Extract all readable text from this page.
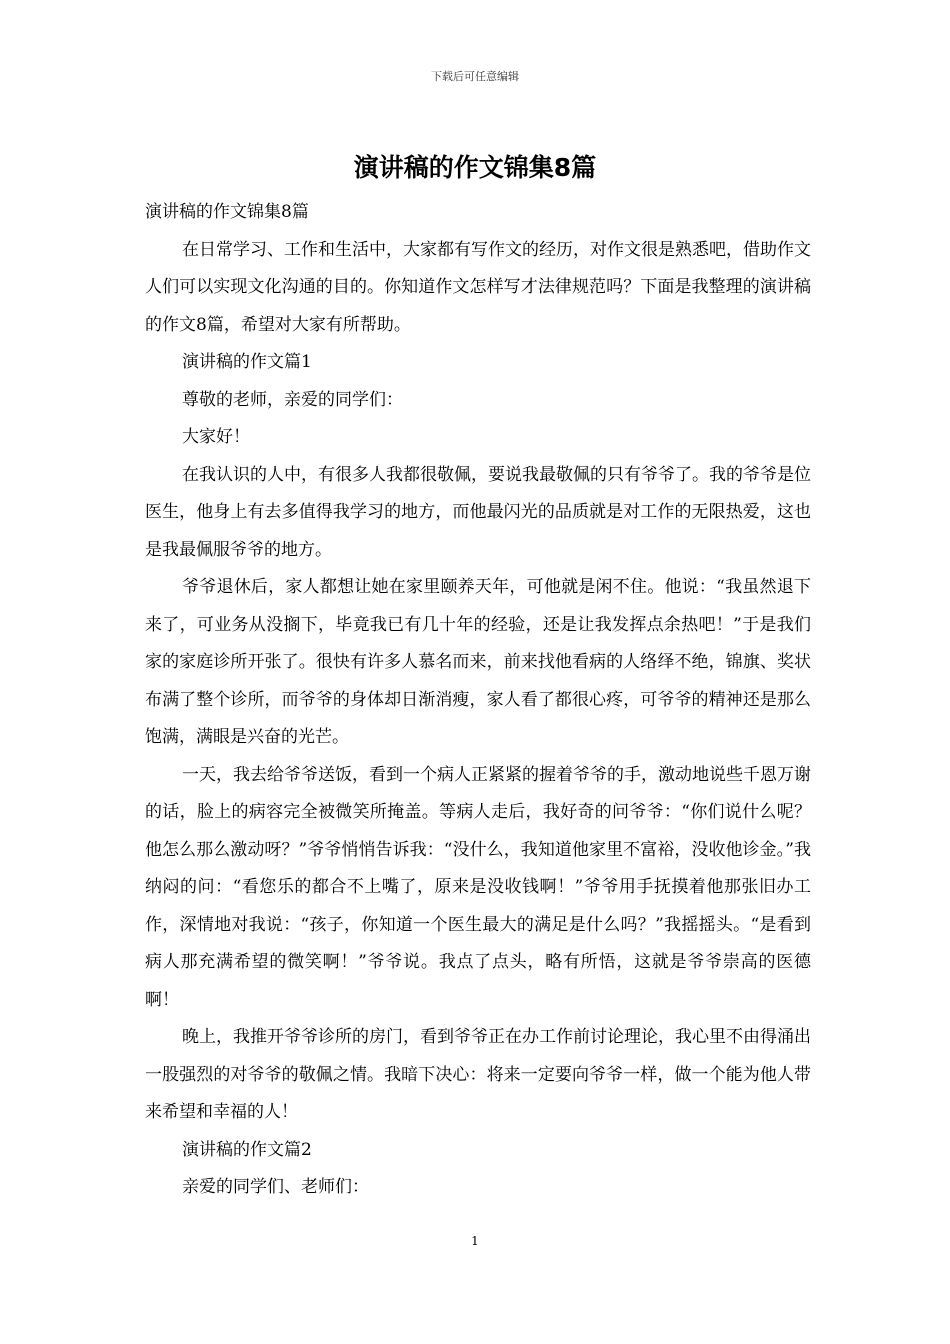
下载后可任意编辑
演讲稿的作文锦集8篇

演讲稿的作文锦集8篇

在日常学习、工作和生活中，大家都有写作文的经历，对作文很是熟悉吧，借助作文人们可以实现文化沟通的目的。你知道作文怎样写才法律规范吗？下面是我整理的演讲稿的作文8篇，希望对大家有所帮助。

演讲稿的作文篇1

尊敬的老师，亲爱的同学们：

大家好！

在我认识的人中，有很多人我都很敬佩，要说我最敬佩的只有爷爷了。我的爷爷是位医生，他身上有去多值得我学习的地方，而他最闪光的品质就是对工作的无限热爱，这也是我最佩服爷爷的地方。

爷爷退休后，家人都想让她在家里颐养天年，可他就是闲不住。他说：“我虽然退下来了，可业务从没搁下，毕竟我已有几十年的经验，还是让我发挥点余热吧！”于是我们家的家庭诊所开张了。很快有许多人慕名而来，前来找他看病的人络绎不绝，锦旗、奖状布满了整个诊所，而爷爷的身体却日渐消瘦，家人看了都很心疼，可爷爷的精神还是那么饱满，满眼是兴奋的光芒。

一天，我去给爷爷送饭，看到一个病人正紧紧的握着爷爷的手，激动地说些千恩万谢的话，脸上的病容完全被微笑所掩盖。等病人走后，我好奇的问爷爷：“你们说什么呢？他怎么那么激动呀？”爷爷悄悄告诉我：“没什么，我知道他家里不富裕，没收他诊金。”我纳闷的问：“看您乐的都合不上嘴了，原来是没收钱啊！”爷爷用手抚摸着他那张旧办工作，深情地对我说：“孩子，你知道一个医生最大的满足是什么吗？”我摇摇头。“是看到病人那充满希望的微笑啊！”爷爷说。我点了点头，略有所悟，这就是爷爷崇高的医德啊！

晚上，我推开爷爷诊所的房门，看到爷爷正在办工作前讨论理论，我心里不由得涌出一股强烈的对爷爷的敬佩之情。我暗下决心：将来一定要向爷爷一样，做一个能为他人带来希望和幸福的人！

演讲稿的作文篇2

亲爱的同学们、老师们：

1
